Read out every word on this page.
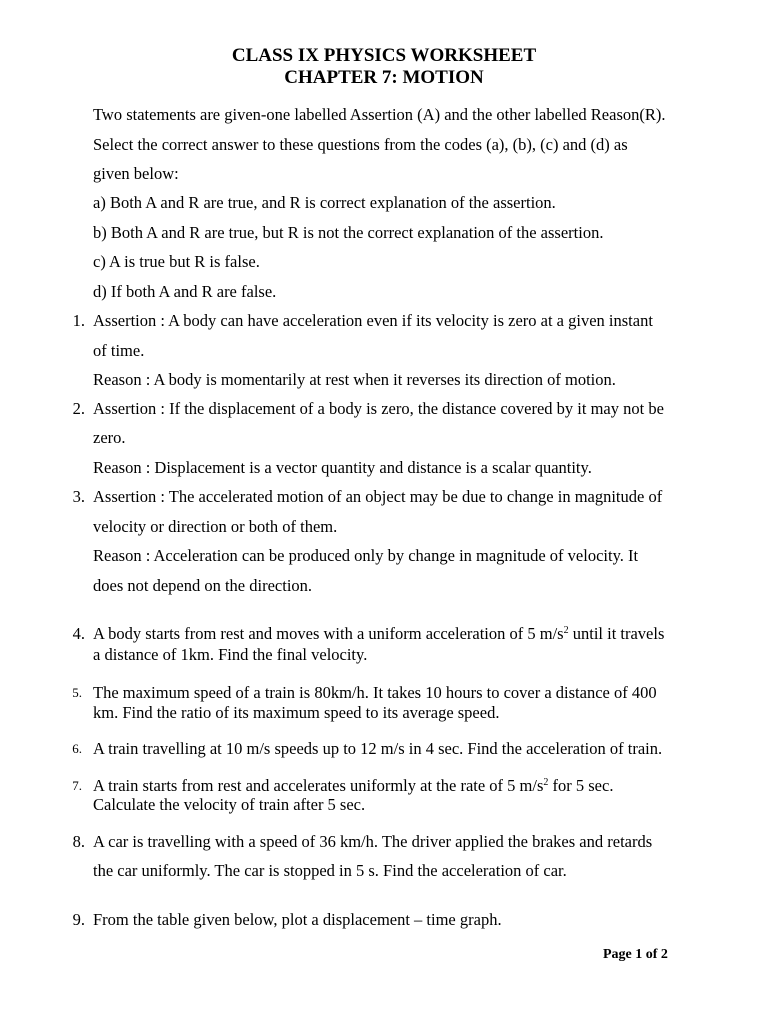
CLASS IX PHYSICS WORKSHEET

CHAPTER 7: MOTION

Two statements are given-one labelled Assertion (A) and the other labelled Reason(R).

Select the correct answer to these questions from the codes (a), (b), (c) and (d) as

given below:

a) Both A and R are true, and R is correct explanation of the assertion.

b) Both A and R are true, but R is not the correct explanation of the assertion.

c) A is true but R is false.

d) If both A and R are false.

1. Assertion : A body can have acceleration even if its velocity is zero at a given instant

of time.

Reason : A body is momentarily at rest when it reverses its direction of motion.

2. Assertion : If the displacement of a body is zero, the distance covered by it may not be

zero.

Reason : Displacement is a vector quantity and distance is a scalar quantity.

3. Assertion : The accelerated motion of an object may be due to change in magnitude of

velocity or direction or both of them.

Reason : Acceleration can be produced only by change in magnitude of velocity. It

does not depend on the direction.

4. A body starts from rest and moves with a uniform acceleration of 5 $m/s^2$ until it travels

a distance of 1km. Find the final velocity.

5. The maximum speed of a train is 80km/h. It takes 10 hours to cover a distance of 400

km. Find the ratio of its maximum speed to its average speed.

6. A train travelling at 10 m/s speeds up to 12 m/s in 4 sec. Find the acceleration of train.

7. A train starts from rest and accelerates uniformly at the rate of 5 $m/s^2$ for 5 sec.

Calculate the velocity of train after 5 sec.

8. A car is travelling with a speed of 36 km/h. The driver applied the brakes and retards

the car uniformly. The car is stopped in 5 s. Find the acceleration of car.

9. From the table given below, plot a displacement – time graph.

Page 1 of 2
